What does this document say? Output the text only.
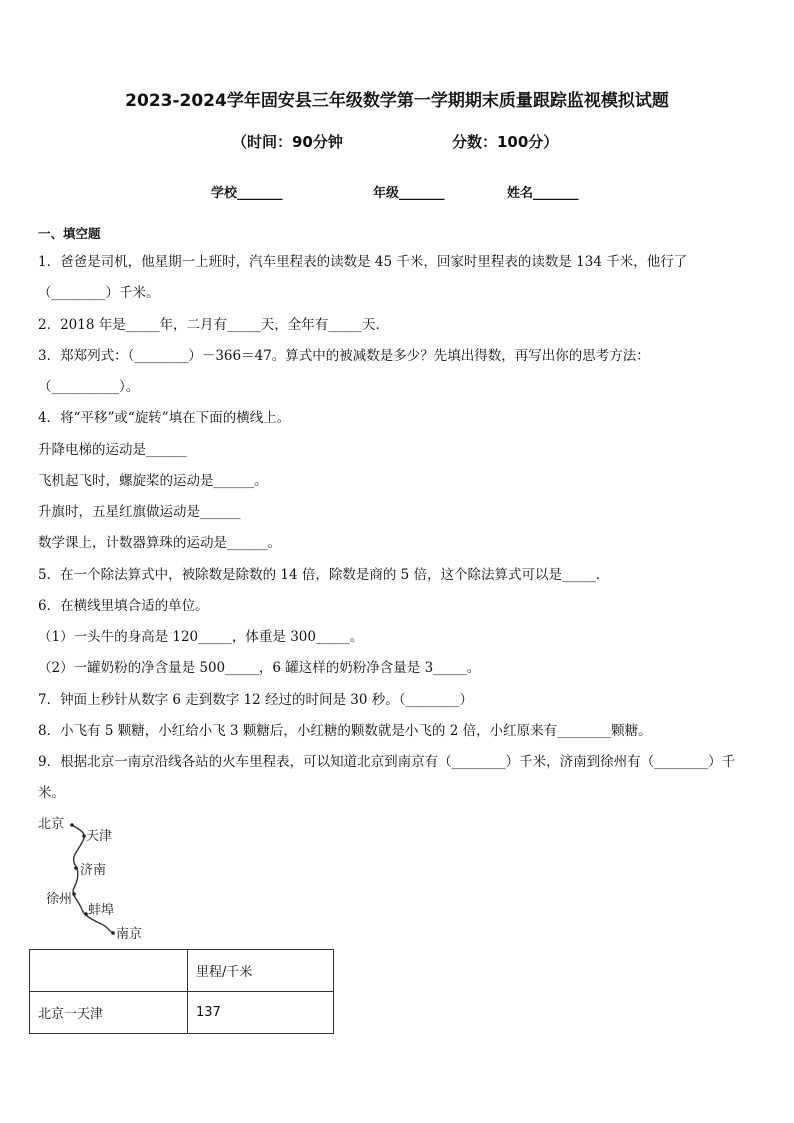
2023-2024学年固安县三年级数学第一学期期末质量跟踪监视模拟试题
（时间：90分钟	分数：100分）
学校_______	年级_______	姓名_______
一、填空题
1．爸爸是司机，他星期一上班时，汽车里程表的读数是 45 千米，回家时里程表的读数是 134 千米，他行了
（________）千米。
2．2018 年是_____年，二月有_____天，全年有_____天．
3．郑郑列式：（________）－366＝47。算式中的被减数是多少？先填出得数，再写出你的思考方法：
（__________）。
4．将“平移”或“旋转”填在下面的横线上。
升降电梯的运动是______
飞机起飞时，螺旋桨的运动是______。
升旗时，五星红旗做运动是______
数学课上，计数器算珠的运动是______。
5．在一个除法算式中，被除数是除数的 14 倍，除数是商的 5 倍，这个除法算式可以是_____．
6．在横线里填合适的单位。
（1）一头牛的身高是 120_____，体重是 300_____。
（2）一罐奶粉的净含量是 500_____，6 罐这样的奶粉净含量是 3_____。
7．钟面上秒针从数字 6 走到数字 12 经过的时间是 30 秒。（________）
8．小飞有 5 颗糖，小红给小飞 3 颗糖后，小红糖的颗数就是小飞的 2 倍，小红原来有________颗糖。
9．根据北京一南京沿线各站的火车里程表，可以知道北京到南京有（________）千米，济南到徐州有（________）千
米。
北京
天津
济南
徐州
蚌埠
南京
	里程/千米
北京一天津	137
